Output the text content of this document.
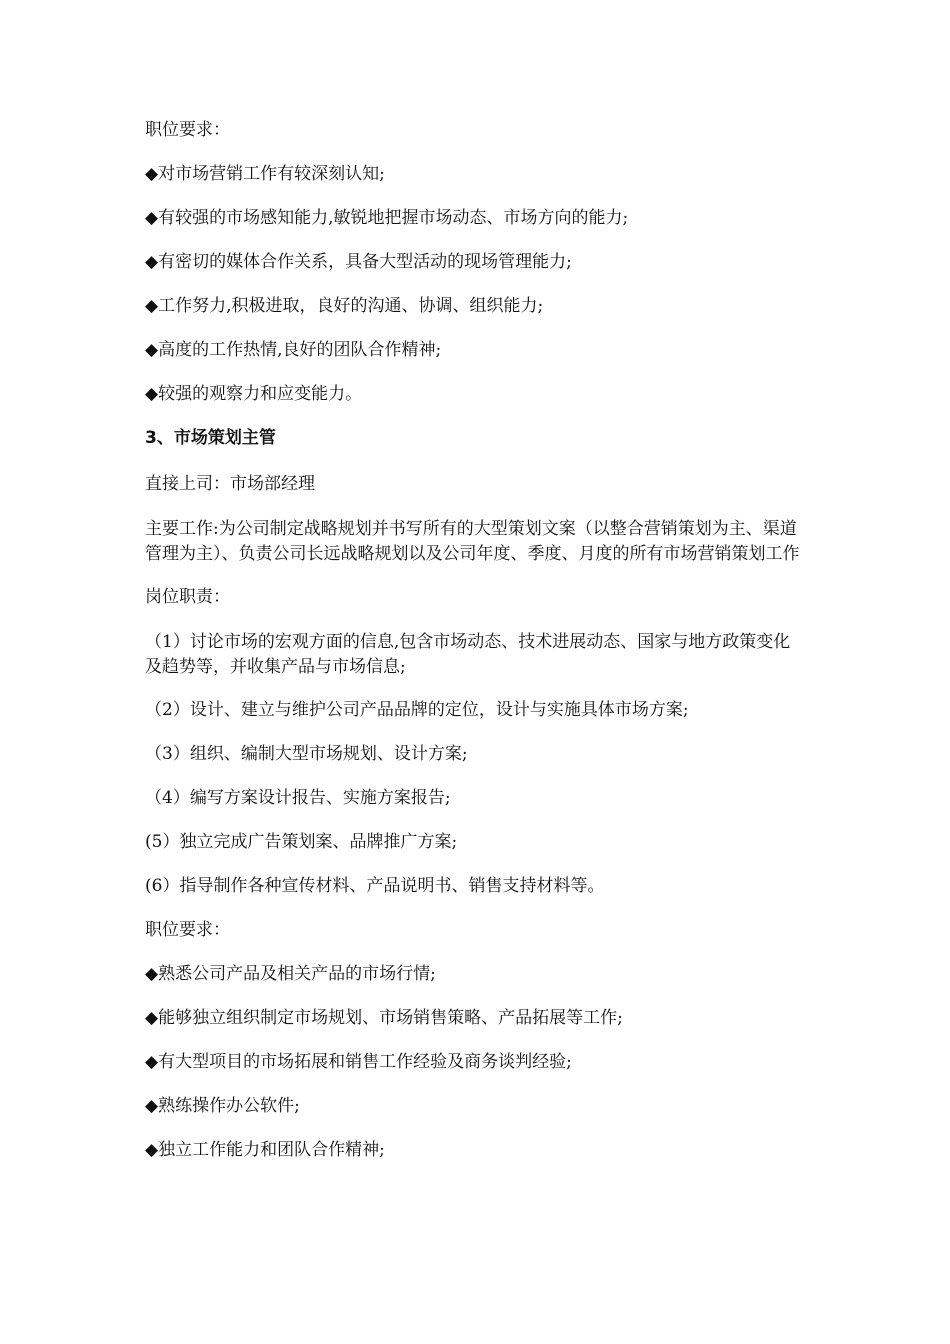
职位要求：

◆对市场营销工作有较深刻认知;

◆有较强的市场感知能力,敏锐地把握市场动态、市场方向的能力;

◆有密切的媒体合作关系，具备大型活动的现场管理能力;

◆工作努力,积极进取，良好的沟通、协调、组织能力;

◆高度的工作热情,良好的团队合作精神;

◆较强的观察力和应变能力。

3、市场策划主管

直接上司：市场部经理

主要工作:为公司制定战略规划并书写所有的大型策划文案（以整合营销策划为主、渠道管理为主）、负责公司长远战略规划以及公司年度、季度、月度的所有市场营销策划工作

岗位职责：

（1）讨论市场的宏观方面的信息,包含市场动态、技术进展动态、国家与地方政策变化及趋势等，并收集产品与市场信息;

（2）设计、建立与维护公司产品品牌的定位，设计与实施具体市场方案;

（3）组织、编制大型市场规划、设计方案;

（4）编写方案设计报告、实施方案报告;

(5）独立完成广告策划案、品牌推广方案;

(6）指导制作各种宣传材料、产品说明书、销售支持材料等。

职位要求：

◆熟悉公司产品及相关产品的市场行情;

◆能够独立组织制定市场规划、市场销售策略、产品拓展等工作;

◆有大型项目的市场拓展和销售工作经验及商务谈判经验;

◆熟练操作办公软件;

◆独立工作能力和团队合作精神;
